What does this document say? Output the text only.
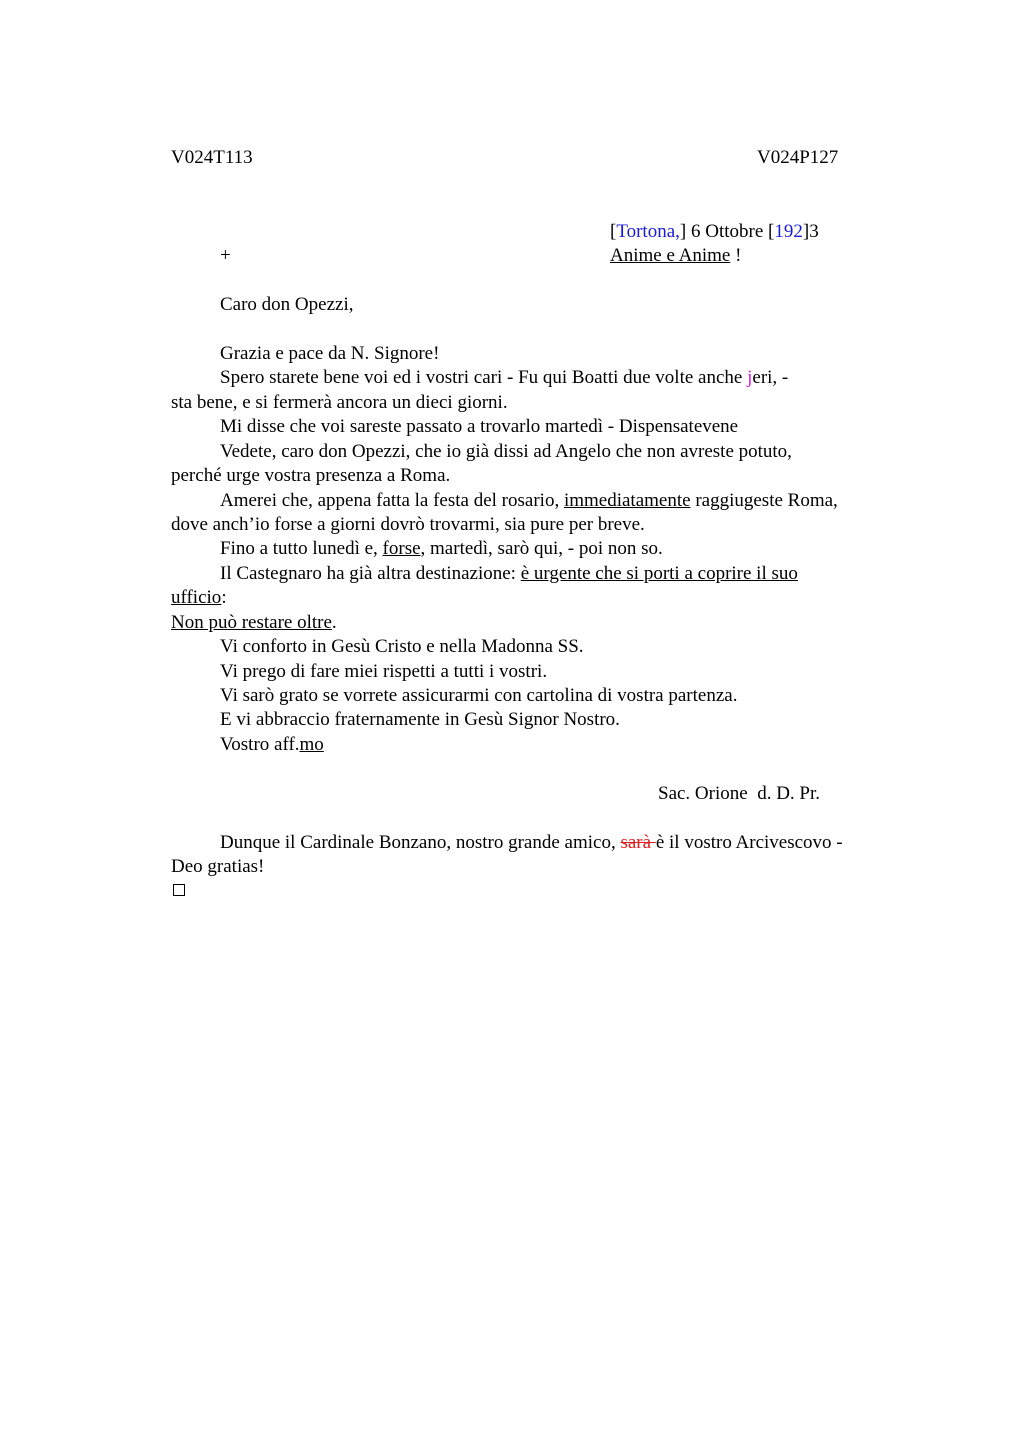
V024T113	V024P127
[Tortona,] 6 Ottobre [192]3
+	Anime e Anime !
Caro don Opezzi,
Grazia e pace da N. Signore!
Spero starete bene voi ed i vostri cari - Fu qui Boatti due volte anche jeri, -
sta bene, e si fermerà ancora un dieci giorni.
Mi disse che voi sareste passato a trovarlo martedì - Dispensatevene
Vedete, caro don Opezzi, che io già dissi ad Angelo che non avreste potuto,
perché urge vostra presenza a Roma.
Amerei che, appena fatta la festa del rosario, immediatamente raggiugeste Roma,
dove anch’io forse a giorni dovrò trovarmi, sia pure per breve.
Fino a tutto lunedì e, forse, martedì, sarò qui, - poi non so.
Il Castegnaro ha già altra destinazione: è urgente che si porti a coprire il suo
ufficio:
Non può restare oltre.
Vi conforto in Gesù Cristo e nella Madonna SS.
Vi prego di fare miei rispetti a tutti i vostri.
Vi sarò grato se vorrete assicurarmi con cartolina di vostra partenza.
E vi abbraccio fraternamente in Gesù Signor Nostro.
Vostro aff.mo
Sac. Orione  d. D. Pr.
Dunque il Cardinale Bonzano, nostro grande amico, sarà è il vostro Arcivescovo -
Deo gratias!
